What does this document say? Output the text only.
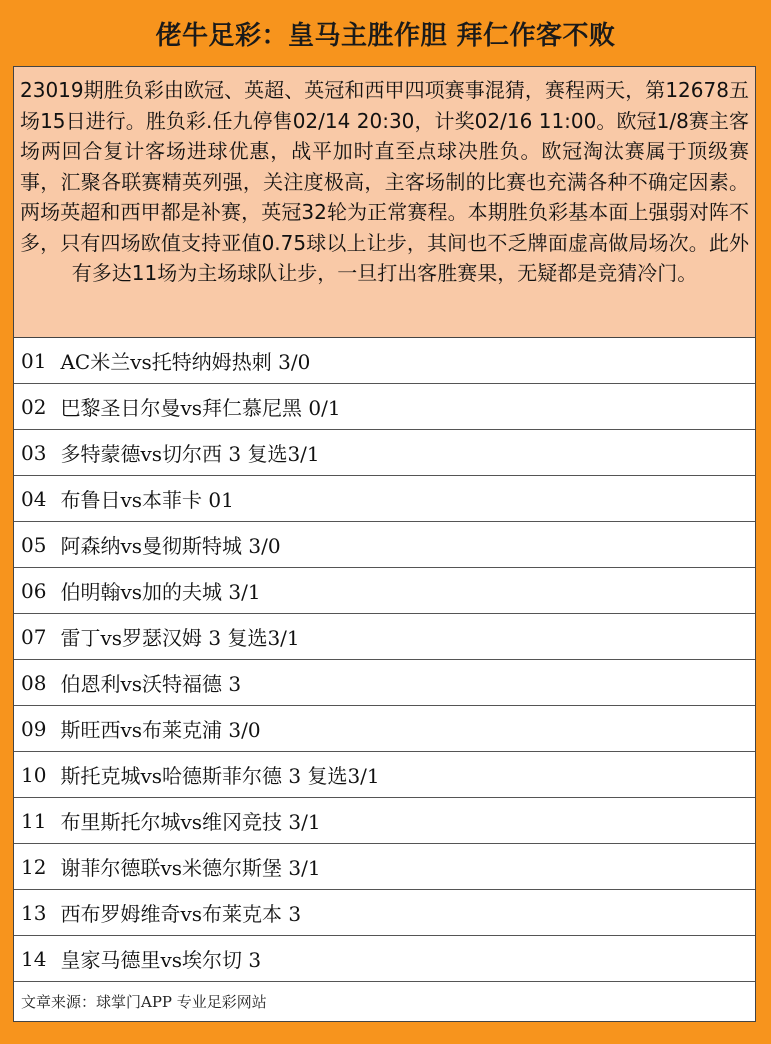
佬牛足彩：皇马主胜作胆 拜仁作客不败
23019期胜负彩由欧冠、英超、英冠和西甲四项赛事混猜，赛程两天，第12678五场15日进行。胜负彩.任九停售02/14 20:30，计奖02/16 11:00。欧冠1/8赛主客场两回合复计客场进球优惠，战平加时直至点球决胜负。欧冠淘汰赛属于顶级赛事，汇聚各联赛精英列强，关注度极高，主客场制的比赛也充满各种不确定因素。两场英超和西甲都是补赛，英冠32轮为正常赛程。本期胜负彩基本面上强弱对阵不多，只有四场欧值支持亚值0.75球以上让步，其间也不乏牌面虚高做局场次。此外有多达11场为主场球队让步，一旦打出客胜赛果，无疑都是竞猜冷门。
01 AC米兰vs托特纳姆热刺 3/0
02 巴黎圣日尔曼vs拜仁慕尼黑 0/1
03 多特蒙德vs切尔西 3 复选3/1
04 布鲁日vs本菲卡 01
05 阿森纳vs曼彻斯特城 3/0
06 伯明翰vs加的夫城 3/1
07 雷丁vs罗瑟汉姆 3 复选3/1
08 伯恩利vs沃特福德 3
09 斯旺西vs布莱克浦 3/0
10 斯托克城vs哈德斯菲尔德 3 复选3/1
11 布里斯托尔城vs维冈竞技 3/1
12 谢菲尔德联vs米德尔斯堡 3/1
13 西布罗姆维奇vs布莱克本 3
14 皇家马德里vs埃尔切 3
文章来源：球掌门APP 专业足彩网站
